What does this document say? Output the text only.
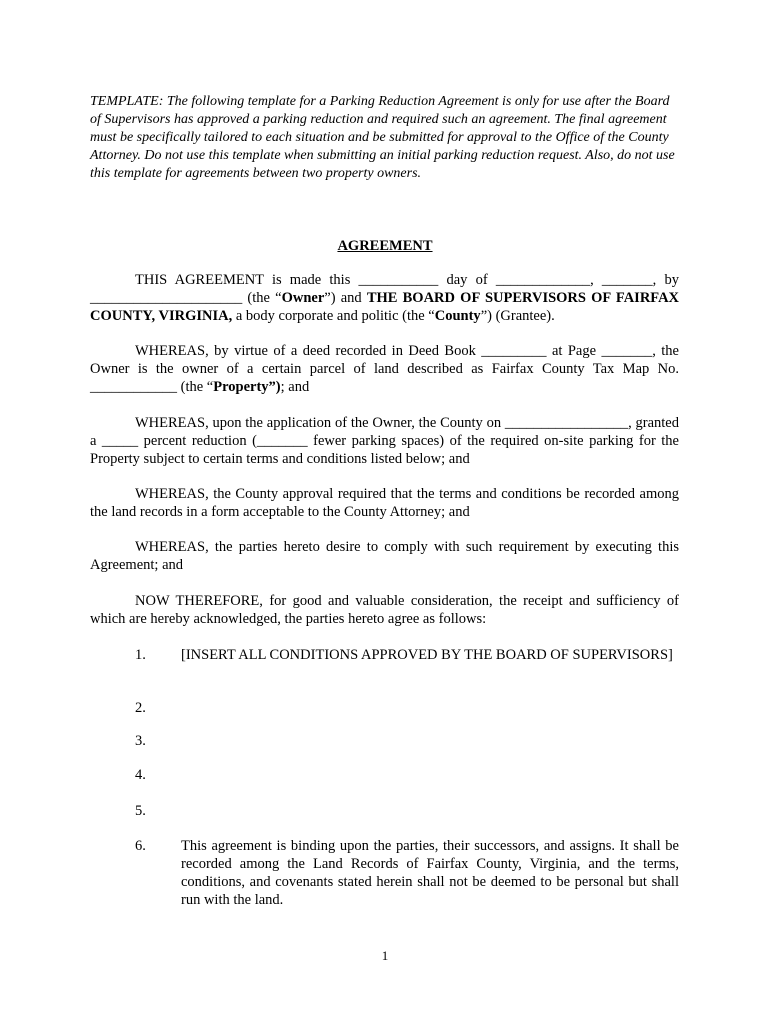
TEMPLATE: The following template for a Parking Reduction Agreement is only for use after the Board of Supervisors has approved a parking reduction and required such an agreement. The final agreement must be specifically tailored to each situation and be submitted for approval to the Office of the County Attorney. Do not use this template when submitting an initial parking reduction request. Also, do not use this template for agreements between two property owners.
AGREEMENT

THIS AGREEMENT is made this ___________ day of _____________, _______, by _____________________ (the “Owner”) and THE BOARD OF SUPERVISORS OF FAIRFAX COUNTY, VIRGINIA, a body corporate and politic (the “County”) (Grantee).

WHEREAS, by virtue of a deed recorded in Deed Book _________ at Page _______, the Owner is the owner of a certain parcel of land described as Fairfax County Tax Map No. ____________ (the “Property”); and

WHEREAS, upon the application of the Owner, the County on _________________, granted a _____ percent reduction (_______ fewer parking spaces) of the required on-site parking for the Property subject to certain terms and conditions listed below; and

WHEREAS, the County approval required that the terms and conditions be recorded among the land records in a form acceptable to the County Attorney; and

WHEREAS, the parties hereto desire to comply with such requirement by executing this Agreement; and

NOW THEREFORE, for good and valuable consideration, the receipt and sufficiency of which are hereby acknowledged, the parties hereto agree as follows:

1. [INSERT ALL CONDITIONS APPROVED BY THE BOARD OF SUPERVISORS]
2.
3.
4.
5.
6. This agreement is binding upon the parties, their successors, and assigns. It shall be recorded among the Land Records of Fairfax County, Virginia, and the terms, conditions, and covenants stated herein shall not be deemed to be personal but shall run with the land.
1
